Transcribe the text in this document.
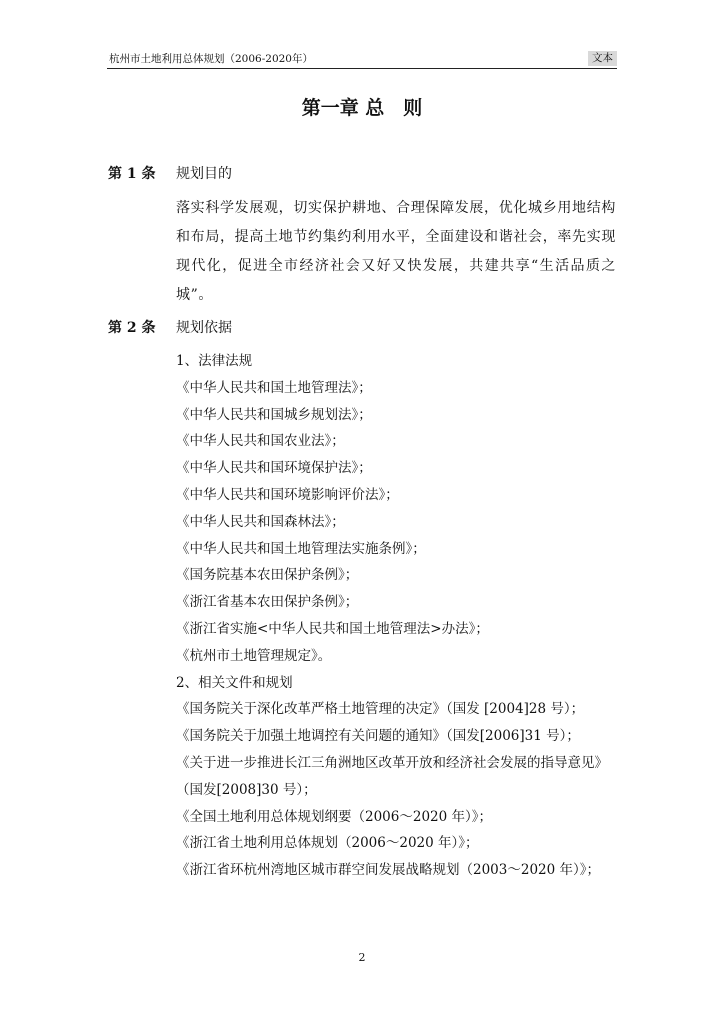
杭州市土地利用总体规划（2006-2020年）	文本
第一章 总　则
第 1 条 规划目的
落实科学发展观，切实保护耕地、合理保障发展，优化城乡用地结构和布局，提高土地节约集约利用水平，全面建设和谐社会，率先实现现代化，促进全市经济社会又好又快发展，共建共享“生活品质之城”。
第 2 条 规划依据
1、法律法规
《中华人民共和国土地管理法》；
《中华人民共和国城乡规划法》；
《中华人民共和国农业法》；
《中华人民共和国环境保护法》；
《中华人民共和国环境影响评价法》；
《中华人民共和国森林法》；
《中华人民共和国土地管理法实施条例》；
《国务院基本农田保护条例》；
《浙江省基本农田保护条例》；
《浙江省实施<中华人民共和国土地管理法>办法》；
《杭州市土地管理规定》。
2、相关文件和规划
《国务院关于深化改革严格土地管理的决定》（国发 [2004]28 号）；
《国务院关于加强土地调控有关问题的通知》（国发[2006]31 号）；
《关于进一步推进长江三角洲地区改革开放和经济社会发展的指导意见》（国发[2008]30 号）；
《全国土地利用总体规划纲要（2006～2020 年）》；
《浙江省土地利用总体规划（2006～2020 年）》；
《浙江省环杭州湾地区城市群空间发展战略规划（2003～2020 年）》；
2
